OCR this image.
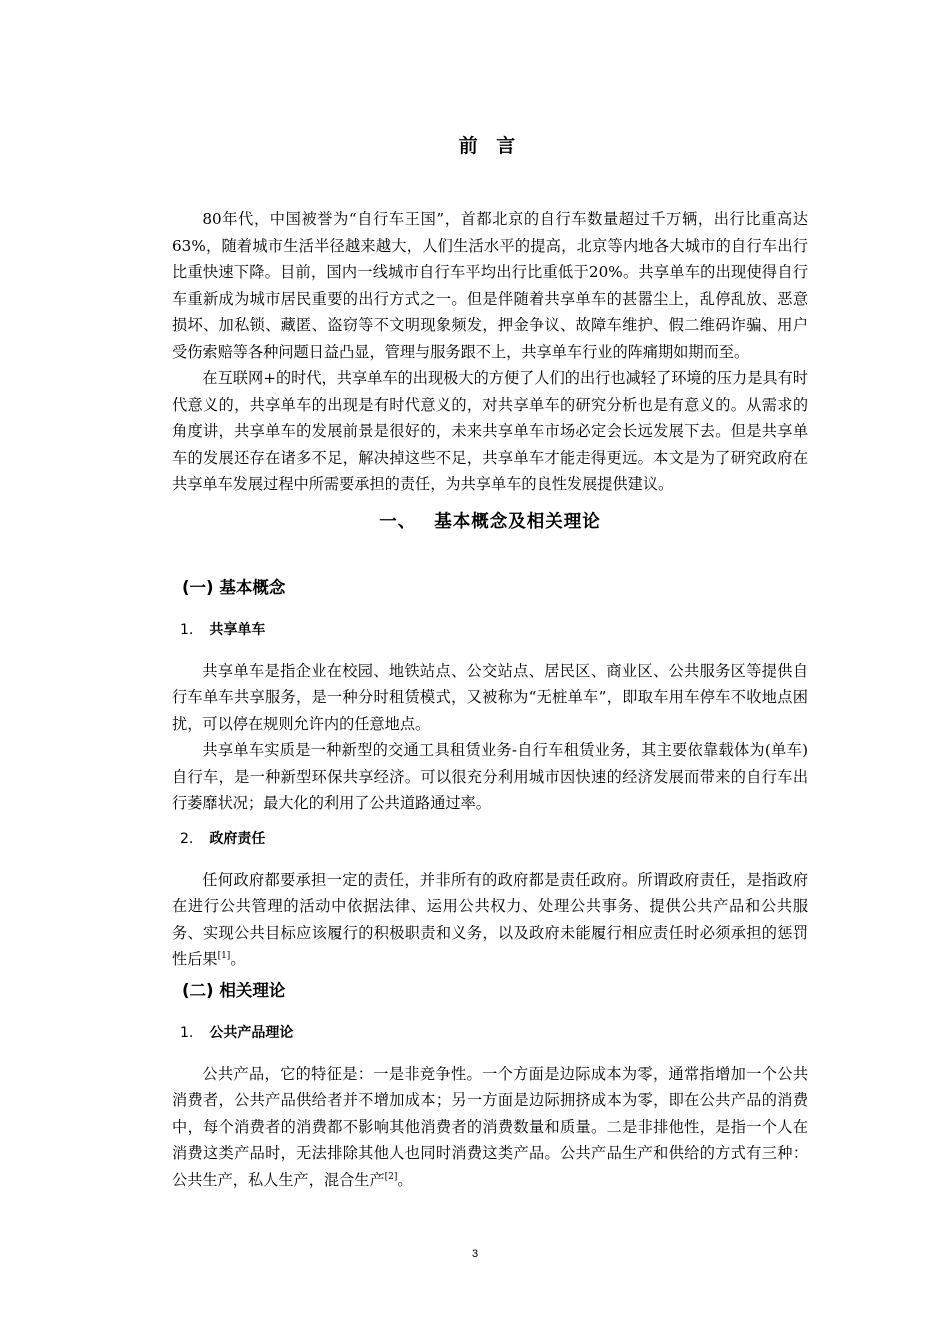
前 言

80年代，中国被誉为“自行车王国”，首都北京的自行车数量超过千万辆，出行比重高达63%，随着城市生活半径越来越大，人们生活水平的提高，北京等内地各大城市的自行车出行比重快速下降。目前，国内一线城市自行车平均出行比重低于20%。共享单车的出现使得自行车重新成为城市居民重要的出行方式之一。但是伴随着共享单车的甚嚣尘上，乱停乱放、恶意损坏、加私锁、藏匿、盗窃等不文明现象频发，押金争议、故障车维护、假二维码诈骗、用户受伤索赔等各种问题日益凸显，管理与服务跟不上，共享单车行业的阵痛期如期而至。

在互联网+的时代，共享单车的出现极大的方便了人们的出行也减轻了环境的压力是具有时代意义的，共享单车的出现是有时代意义的，对共享单车的研究分析也是有意义的。从需求的角度讲，共享单车的发展前景是很好的，未来共享单车市场必定会长远发展下去。但是共享单车的发展还存在诸多不足，解决掉这些不足，共享单车才能走得更远。本文是为了研究政府在共享单车发展过程中所需要承担的责任，为共享单车的良性发展提供建议。

一、 基本概念及相关理论
(一) 基本概念
1. 共享单车

共享单车是指企业在校园、地铁站点、公交站点、居民区、商业区、公共服务区等提供自行车单车共享服务，是一种分时租赁模式，又被称为“无桩单车”，即取车用车停车不收地点困扰，可以停在规则允许内的任意地点。

共享单车实质是一种新型的交通工具租赁业务-自行车租赁业务，其主要依靠载体为(单车)自行车，是一种新型环保共享经济。可以很充分利用城市因快速的经济发展而带来的自行车出行萎靡状况；最大化的利用了公共道路通过率。

2. 政府责任

任何政府都要承担一定的责任，并非所有的政府都是责任政府。所谓政府责任，是指政府在进行公共管理的活动中依据法律、运用公共权力、处理公共事务、提供公共产品和公共服务、实现公共目标应该履行的积极职责和义务，以及政府未能履行相应责任时必须承担的惩罚性后果[1]。

(二) 相关理论
1. 公共产品理论

公共产品，它的特征是：一是非竞争性。一个方面是边际成本为零，通常指增加一个公共消费者，公共产品供给者并不增加成本；另一方面是边际拥挤成本为零，即在公共产品的消费中，每个消费者的消费都不影响其他消费者的消费数量和质量。二是非排他性，是指一个人在消费这类产品时，无法排除其他人也同时消费这类产品。公共产品生产和供给的方式有三种：公共生产，私人生产，混合生产[2]。

3
